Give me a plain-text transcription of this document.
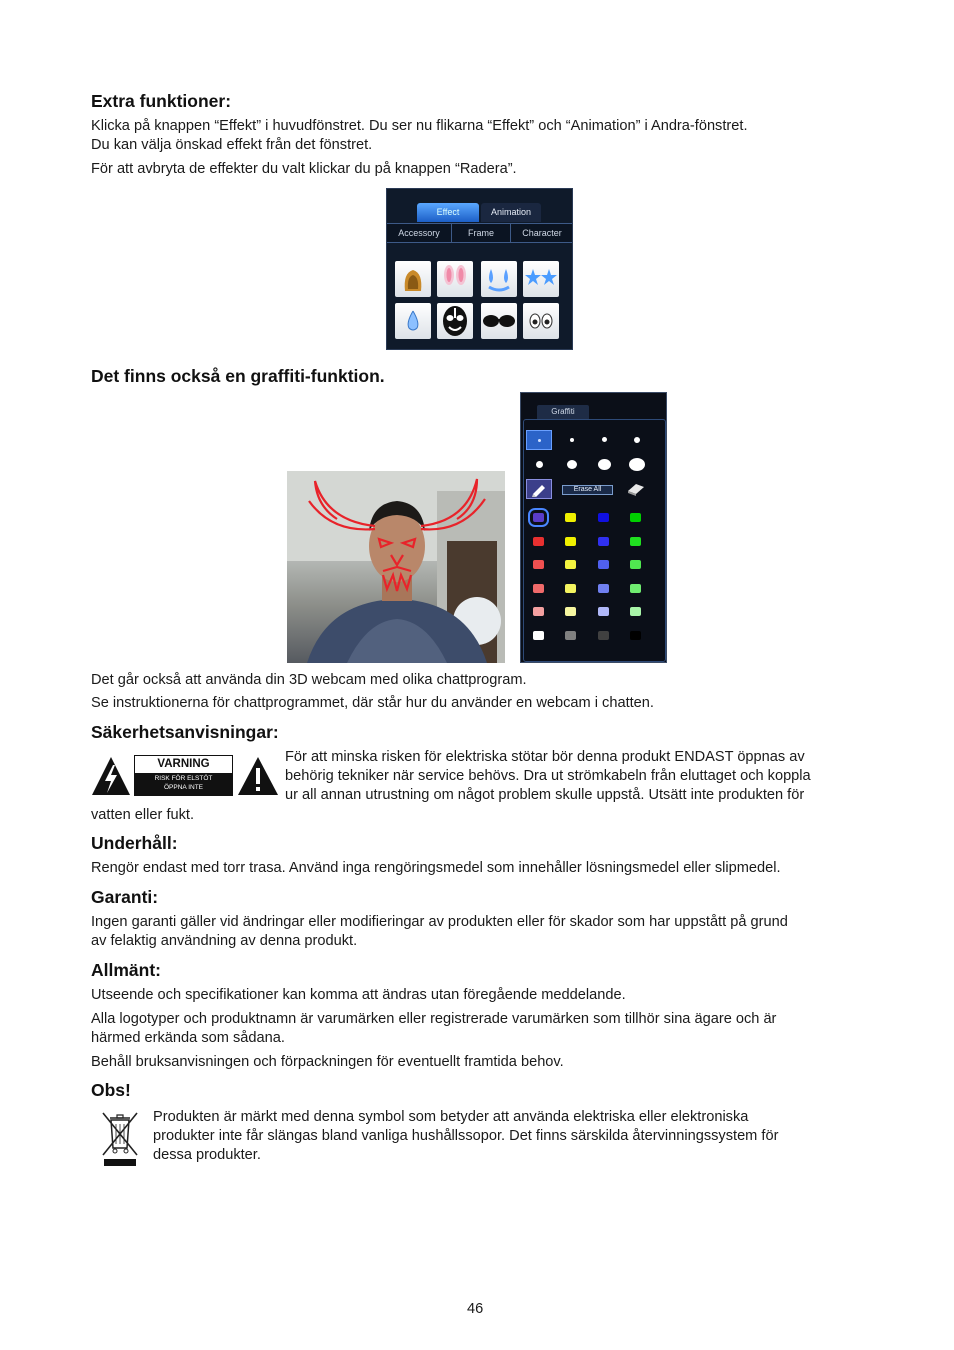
Extra funktioner:

Klicka på knappen “Effekt” i huvudfönstret. Du ser nu flikarna “Effekt” och “Animation” i Andra-fönstret.

Du kan välja önskad effekt från det fönstret.

För att avbryta de effekter du valt klickar du på knappen “Radera”.

Effect	Animation
Accessory	Frame	Character
Det finns också en graffiti-funktion.
Graffiti
Erase All

Det går också att använda din 3D webcam med olika chattprogram.

Se instruktionerna för chattprogrammet, där står hur du använder en webcam i chatten.

Säkerhetsanvisningar:
VARNING
RISK FÖR ELSTÖT
ÖPPNA INTE

För att minska risken för elektriska stötar bör denna produkt ENDAST öppnas av

behörig tekniker när service behövs. Dra ut strömkabeln från eluttaget och koppla

ur all annan utrustning om något problem skulle uppstå. Utsätt inte produkten för

vatten eller fukt.

Underhåll:

Rengör endast med torr trasa. Använd inga rengöringsmedel som innehåller lösningsmedel eller slipmedel.

Garanti:

Ingen garanti gäller vid ändringar eller modifieringar av produkten eller för skador som har uppstått på grund

av felaktig användning av denna produkt.

Allmänt:

Utseende och specifikationer kan komma att ändras utan föregående meddelande.

Alla logotyper och produktnamn är varumärken eller registrerade varumärken som tillhör sina ägare och är

härmed erkända som sådana.

Behåll bruksanvisningen och förpackningen för eventuellt framtida behov.

Obs!

Produkten är märkt med denna symbol som betyder att använda elektriska eller elektroniska

produkter inte får slängas bland vanliga hushållssopor. Det finns särskilda återvinningssystem för

dessa produkter.

46
